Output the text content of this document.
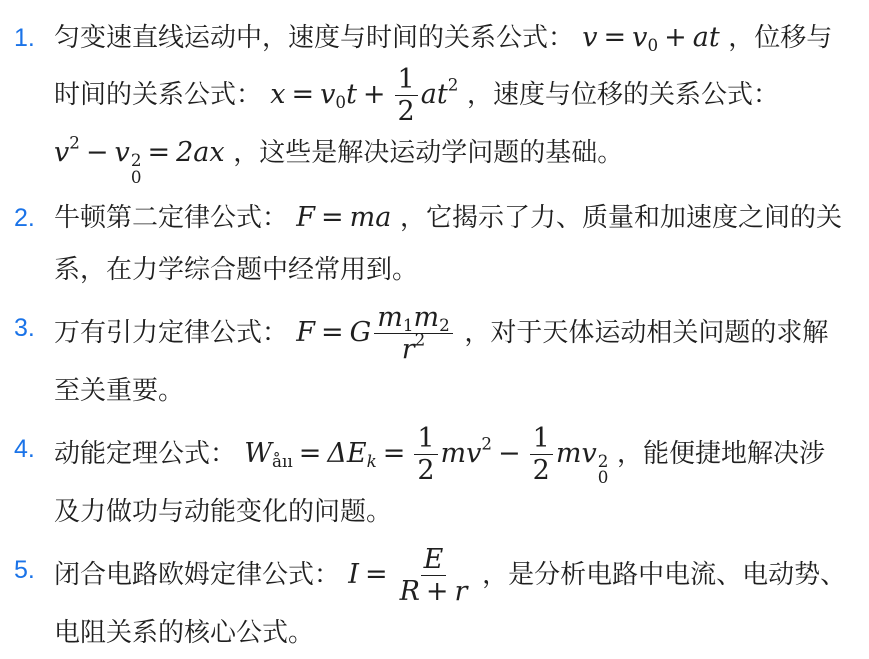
1. 匀变速直线运动中，速度与时间的关系公式： $v = v_0$ + at ，位移与时间的关系公式： $x = v_0t + \frac{1}{2} at^2$ ，速度与位移的关系公式： $v^2 - v$ 2
0
= 2ax ，这些是解决运动学问题的基础。
2. 牛顿第二定律公式： F = ma ，它揭示了力、质量和加速度之间的关系，在力学综合题中经常用到。
3. 万有引力定律公式： F = G $\frac{m_1m_2}{r^2}$ ，对于天体运动相关问题的求解至关重要。
4. 动能定理公式： $W_{åıı} = \Delta E_k = \frac{1}{2} mv^2 - \frac{1}{2}$ mv 2
0
，能便捷地解决涉及力做功与动能变化的问题。
5. 闭合电路欧姆定律公式： $I = \frac{E}{R + r}$ ，是分析电路中电流、电动势、电阻关系的核心公式。
